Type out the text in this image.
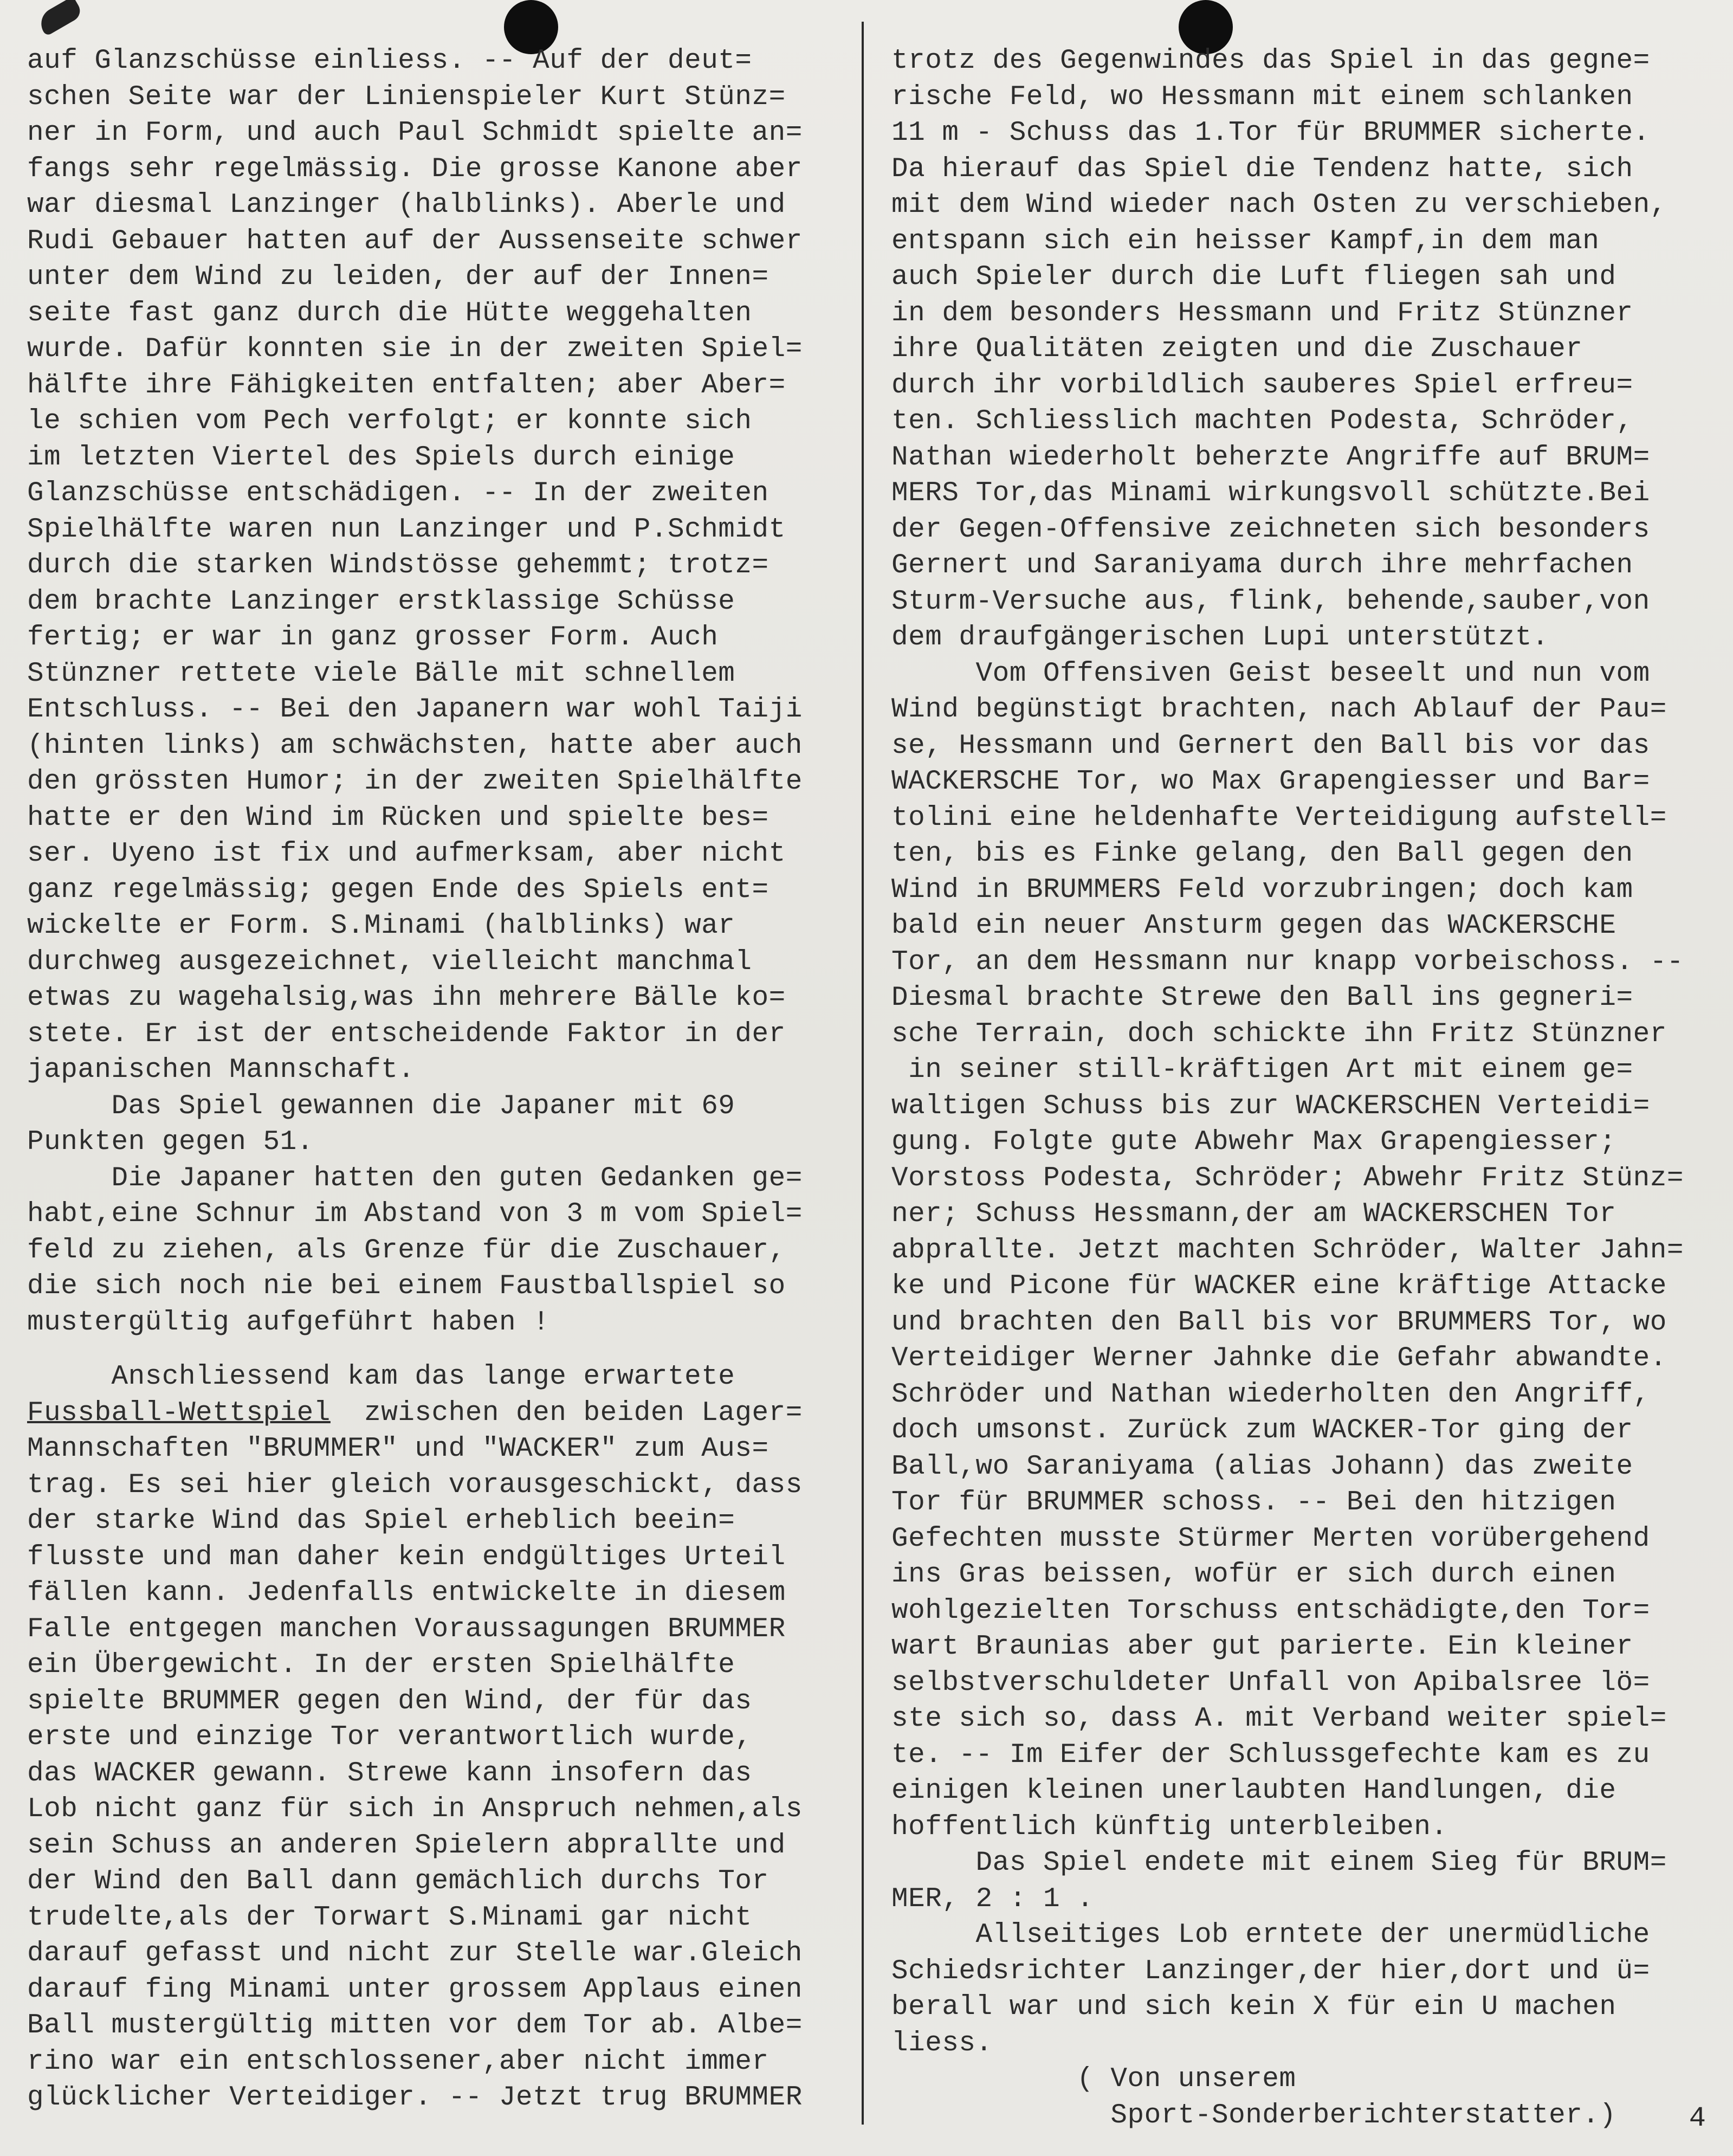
auf Glanzschüsse einliess. -- Auf der deut=
schen Seite war der Linienspieler Kurt Stünz=
ner in Form, und auch Paul Schmidt spielte an=
fangs sehr regelmässig. Die grosse Kanone aber
war diesmal Lanzinger (halblinks). Aberle und
Rudi Gebauer hatten auf der Aussenseite schwer
unter dem Wind zu leiden, der auf der Innen=
seite fast ganz durch die Hütte weggehalten
wurde. Dafür konnten sie in der zweiten Spiel=
hälfte ihre Fähigkeiten entfalten; aber Aber=
le schien vom Pech verfolgt; er konnte sich
im letzten Viertel des Spiels durch einige
Glanzschüsse entschädigen. -- In der zweiten
Spielhälfte waren nun Lanzinger und P.Schmidt
durch die starken Windstösse gehemmt; trotz=
dem brachte Lanzinger erstklassige Schüsse
fertig; er war in ganz grosser Form. Auch
Stünzner rettete viele Bälle mit schnellem
Entschluss. -- Bei den Japanern war wohl Taiji
(hinten links) am schwächsten, hatte aber auch
den grössten Humor; in der zweiten Spielhälfte
hatte er den Wind im Rücken und spielte bes=
ser. Uyeno ist fix und aufmerksam, aber nicht
ganz regelmässig; gegen Ende des Spiels ent=
wickelte er Form. S.Minami (halblinks) war
durchweg ausgezeichnet, vielleicht manchmal
etwas zu wagehalsig,was ihn mehrere Bälle ko=
stete. Er ist der entscheidende Faktor in der
japanischen Mannschaft.
Das Spiel gewannen die Japaner mit 69
Punkten gegen 51.
Die Japaner hatten den guten Gedanken ge=
habt,eine Schnur im Abstand von 3 m vom Spiel=
feld zu ziehen, als Grenze für die Zuschauer,
die sich noch nie bei einem Faustballspiel so
mustergültig aufgeführt haben !
Anschliessend kam das lange erwartete
Fussball-Wettspiel  zwischen den beiden Lager=
Mannschaften "BRUMMER" und "WACKER" zum Aus=
trag. Es sei hier gleich vorausgeschickt, dass
der starke Wind das Spiel erheblich beein=
flusste und man daher kein endgültiges Urteil
fällen kann. Jedenfalls entwickelte in diesem
Falle entgegen manchen Voraussagungen BRUMMER
ein Übergewicht. In der ersten Spielhälfte
spielte BRUMMER gegen den Wind, der für das
erste und einzige Tor verantwortlich wurde,
das WACKER gewann. Strewe kann insofern das
Lob nicht ganz für sich in Anspruch nehmen,als
sein Schuss an anderen Spielern abprallte und
der Wind den Ball dann gemächlich durchs Tor
trudelte,als der Torwart S.Minami gar nicht
darauf gefasst und nicht zur Stelle war.Gleich
darauf fing Minami unter grossem Applaus einen
Ball mustergültig mitten vor dem Tor ab. Albe=
rino war ein entschlossener,aber nicht immer
glücklicher Verteidiger. -- Jetzt trug BRUMMER
trotz des Gegenwindes das Spiel in das gegne=
rische Feld, wo Hessmann mit einem schlanken
11 m - Schuss das 1.Tor für BRUMMER sicherte.
Da hierauf das Spiel die Tendenz hatte, sich
mit dem Wind wieder nach Osten zu verschieben,
entspann sich ein heisser Kampf,in dem man
auch Spieler durch die Luft fliegen sah und
in dem besonders Hessmann und Fritz Stünzner
ihre Qualitäten zeigten und die Zuschauer
durch ihr vorbildlich sauberes Spiel erfreu=
ten. Schliesslich machten Podesta, Schröder,
Nathan wiederholt beherzte Angriffe auf BRUM=
MERS Tor,das Minami wirkungsvoll schützte.Bei
der Gegen-Offensive zeichneten sich besonders
Gernert und Saraniyama durch ihre mehrfachen
Sturm-Versuche aus, flink, behende,sauber,von
dem draufgängerischen Lupi unterstützt.
Vom Offensiven Geist beseelt und nun vom
Wind begünstigt brachten, nach Ablauf der Pau=
se, Hessmann und Gernert den Ball bis vor das
WACKERSCHE Tor, wo Max Grapengiesser und Bar=
tolini eine heldenhafte Verteidigung aufstell=
ten, bis es Finke gelang, den Ball gegen den
Wind in BRUMMERS Feld vorzubringen; doch kam
bald ein neuer Ansturm gegen das WACKERSCHE
Tor, an dem Hessmann nur knapp vorbeischoss. --
Diesmal brachte Strewe den Ball ins gegneri=
sche Terrain, doch schickte ihn Fritz Stünzner
in seiner still-kräftigen Art mit einem ge=
waltigen Schuss bis zur WACKERSCHEN Verteidi=
gung. Folgte gute Abwehr Max Grapengiesser;
Vorstoss Podesta, Schröder; Abwehr Fritz Stünz=
ner; Schuss Hessmann,der am WACKERSCHEN Tor
abprallte. Jetzt machten Schröder, Walter Jahn=
ke und Picone für WACKER eine kräftige Attacke
und brachten den Ball bis vor BRUMMERS Tor, wo
Verteidiger Werner Jahnke die Gefahr abwandte.
Schröder und Nathan wiederholten den Angriff,
doch umsonst. Zurück zum WACKER-Tor ging der
Ball,wo Saraniyama (alias Johann) das zweite
Tor für BRUMMER schoss. -- Bei den hitzigen
Gefechten musste Stürmer Merten vorübergehend
ins Gras beissen, wofür er sich durch einen
wohlgezielten Torschuss entschädigte,den Tor=
wart Braunias aber gut parierte. Ein kleiner
selbstverschuldeter Unfall von Apibalsree lö=
ste sich so, dass A. mit Verband weiter spiel=
te. -- Im Eifer der Schlussgefechte kam es zu
einigen kleinen unerlaubten Handlungen, die
hoffentlich künftig unterbleiben.
Das Spiel endete mit einem Sieg für BRUM=
MER, 2 : 1 .
Allseitiges Lob erntete der unermüdliche
Schiedsrichter Lanzinger,der hier,dort und ü=
berall war und sich kein X für ein U machen
liess.
( Von unserem
Sport-Sonderberichterstatter.)	4
